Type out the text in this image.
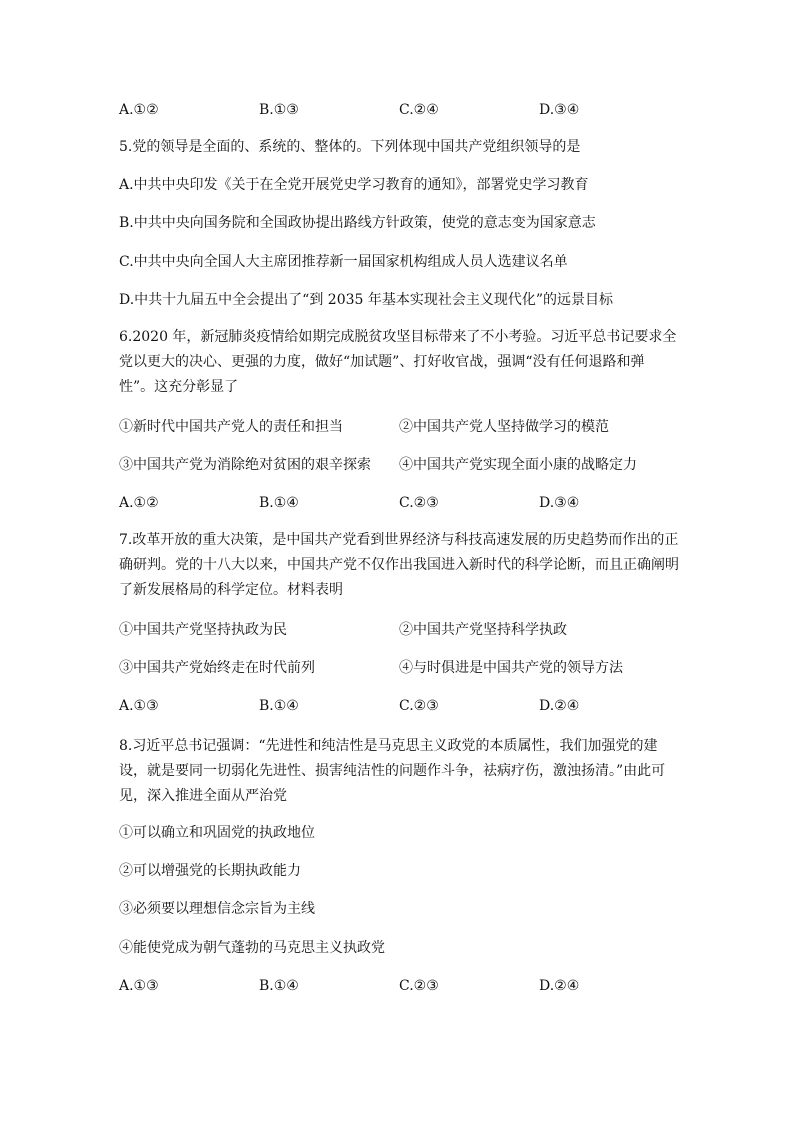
A.①②	B.①③	C.②④	D.③④
5.党的领导是全面的、系统的、整体的。下列体现中国共产党组织领导的是
A.中共中央印发《关于在全党开展党史学习教育的通知》，部署党史学习教育
B.中共中央向国务院和全国政协提出路线方针政策，使党的意志变为国家意志
C.中共中央向全国人大主席团推荐新一届国家机构组成人员人选建议名单
D.中共十九届五中全会提出了“到 2035 年基本实现社会主义现代化”的远景目标
6.2020 年，新冠肺炎疫情给如期完成脱贫攻坚目标带来了不小考验。习近平总书记要求全党以更大的决心、更强的力度，做好“加试题”、打好收官战，强调“没有任何退路和弹性”。这充分彰显了
①新时代中国共产党人的责任和担当	②中国共产党人坚持做学习的模范
③中国共产党为消除绝对贫困的艰辛探索 ④中国共产党实现全面小康的战略定力
A.①②	B.①④	C.②③	D.③④
7.改革开放的重大决策，是中国共产党看到世界经济与科技高速发展的历史趋势而作出的正确研判。党的十八大以来，中国共产党不仅作出我国进入新时代的科学论断，而且正确阐明了新发展格局的科学定位。材料表明
①中国共产党坚持执政为民	②中国共产党坚持科学执政
③中国共产党始终走在时代前列	④与时俱进是中国共产党的领导方法
A.①③	B.①④	C.②③	D.②④
8.习近平总书记强调：“先进性和纯洁性是马克思主义政党的本质属性，我们加强党的建设，就是要同一切弱化先进性、损害纯洁性的问题作斗争，祛病疗伤，激浊扬清。”由此可见，深入推进全面从严治党
①可以确立和巩固党的执政地位
②可以增强党的长期执政能力
③必须要以理想信念宗旨为主线
④能使党成为朝气蓬勃的马克思主义执政党
A.①③	B.①④	C.②③	D.②④
